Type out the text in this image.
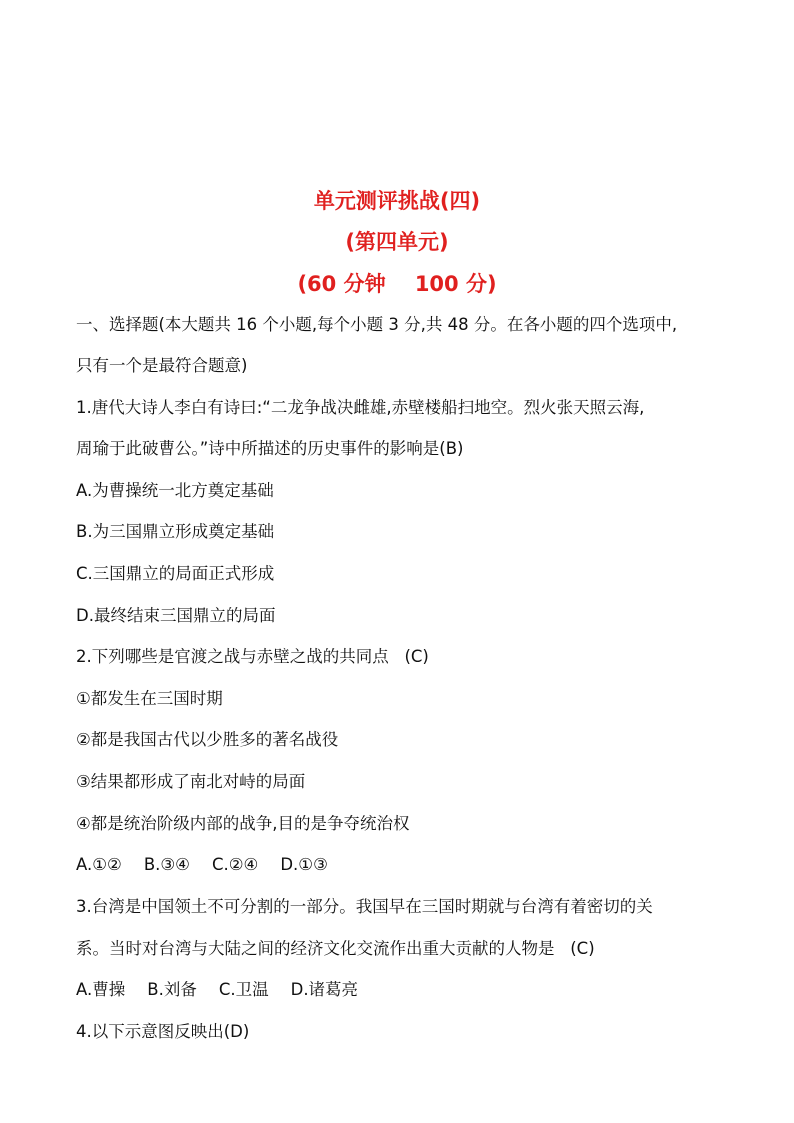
单元测评挑战(四)
(第四单元)
(60 分钟    100 分)
一、选择题(本大题共 16 个小题,每个小题 3 分,共 48 分。在各小题的四个选项中,
只有一个是最符合题意)
1.唐代大诗人李白有诗曰:“二龙争战决雌雄,赤壁楼船扫地空。烈火张天照云海,
周瑜于此破曹公。”诗中所描述的历史事件的影响是(B)
A.为曹操统一北方奠定基础
B.为三国鼎立形成奠定基础
C.三国鼎立的局面正式形成
D.最终结束三国鼎立的局面
2.下列哪些是官渡之战与赤壁之战的共同点   (C)
①都发生在三国时期
②都是我国古代以少胜多的著名战役
③结果都形成了南北对峙的局面
④都是统治阶级内部的战争,目的是争夺统治权
A.①② B.③④ C.②④ D.①③
3.台湾是中国领土不可分割的一部分。我国早在三国时期就与台湾有着密切的关
系。当时对台湾与大陆之间的经济文化交流作出重大贡献的人物是   (C)
A.曹操 B.刘备 C.卫温 D.诸葛亮
4.以下示意图反映出(D)
